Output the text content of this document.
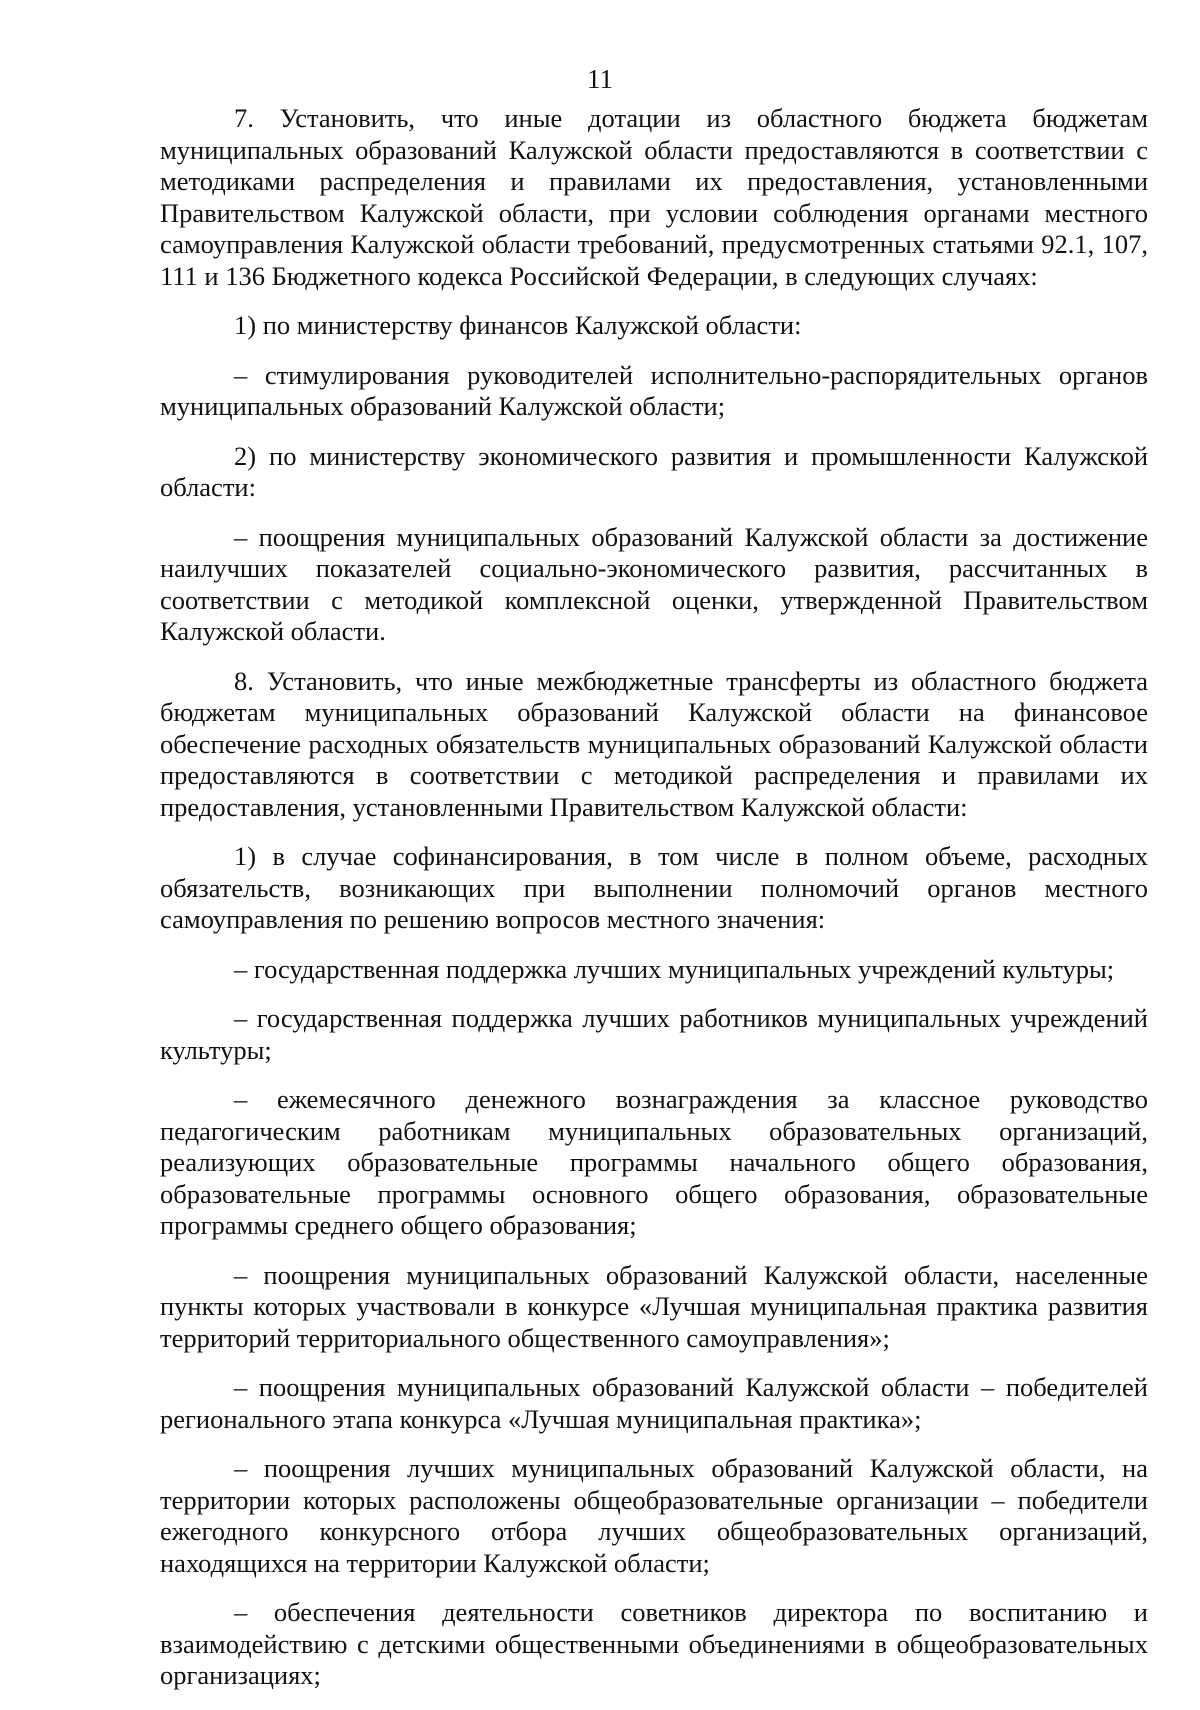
11

7. Установить, что иные дотации из областного бюджета бюджетам муниципальных образований Калужской области предоставляются в соответствии с методиками распределения и правилами их предоставления, установленными Правительством Калужской области, при условии соблюдения органами местного самоуправления Калужской области требований, предусмотренных статьями 92.1, 107, 111 и 136 Бюджетного кодекса Российской Федерации, в следующих случаях:

1) по министерству финансов Калужской области:

– стимулирования руководителей исполнительно-распорядительных органов муниципальных образований Калужской области;

2) по министерству экономического развития и промышленности Калужской области:

– поощрения муниципальных образований Калужской области за достижение наилучших показателей социально-экономического развития, рассчитанных в соответствии с методикой комплексной оценки, утвержденной Правительством Калужской области.

8. Установить, что иные межбюджетные трансферты из областного бюджета бюджетам муниципальных образований Калужской области на финансовое обеспечение расходных обязательств муниципальных образований Калужской области предоставляются в соответствии с методикой распределения и правилами их предоставления, установленными Правительством Калужской области:

1) в случае софинансирования, в том числе в полном объеме, расходных обязательств, возникающих при выполнении полномочий органов местного самоуправления по решению вопросов местного значения:

– государственная поддержка лучших муниципальных учреждений культуры;

– государственная поддержка лучших работников муниципальных учреждений культуры;

– ежемесячного денежного вознаграждения за классное руководство педагогическим работникам муниципальных образовательных организаций, реализующих образовательные программы начального общего образования, образовательные программы основного общего образования, образовательные программы среднего общего образования;

– поощрения муниципальных образований Калужской области, населенные пункты которых участвовали в конкурсе «Лучшая муниципальная практика развития территорий территориального общественного самоуправления»;

– поощрения муниципальных образований Калужской области – победителей регионального этапа конкурса «Лучшая муниципальная практика»;

– поощрения лучших муниципальных образований Калужской области, на территории которых расположены общеобразовательные организации – победители ежегодного конкурсного отбора лучших общеобразовательных организаций, находящихся на территории Калужской области;

– обеспечения деятельности советников директора по воспитанию и взаимодействию с детскими общественными объединениями в общеобразовательных организациях;
